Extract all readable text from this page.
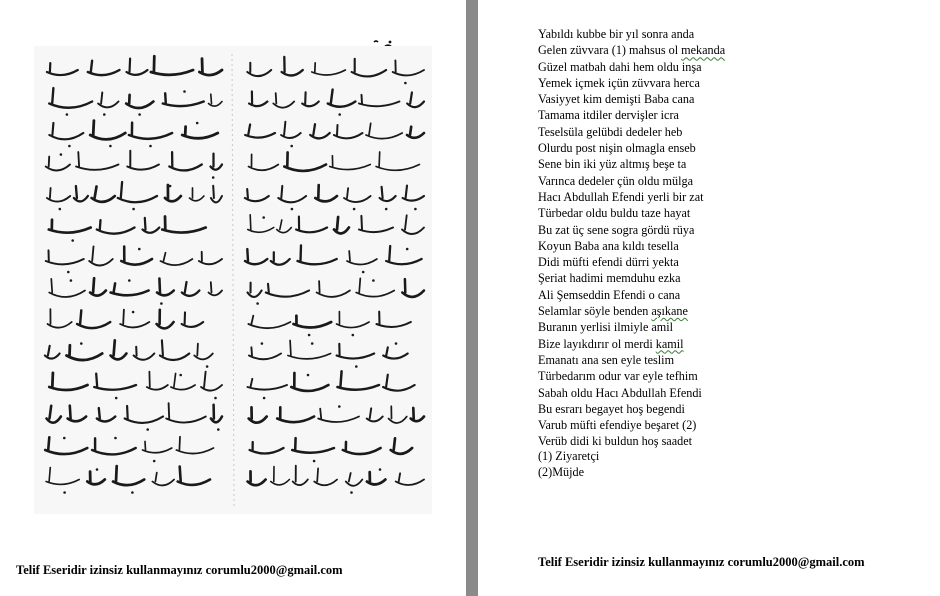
Telif Eseridir izinsiz kullanmayınız corumlu2000@gmail.com
Yabıldı kubbe bir yıl sonra anda
Gelen züvvara (1) mahsus ol mekanda
Güzel matbah dahi hem oldu inşa
Yemek içmek içün züvvara herca
Vasiyyet kim demişti Baba cana
Tamama itdiler dervişler icra
Teselsüla gelübdi dedeler heb
Olurdu post nişin olmagla enseb
Sene bin iki yüz altmış beşe ta
Varınca dedeler çün oldu mülga
Hacı Abdullah Efendi yerli bir zat
Türbedar oldu buldu taze hayat
Bu zat üç sene sogra gördü rüya
Koyun Baba ana kıldı tesella
Didi müfti efendi dürri yekta
Şeriat hadimi memduhu ezka
Ali Şemseddin Efendi o cana
Selamlar söyle benden aşıkane
Buranın yerlisi ilmiyle amil
Bize layıkdırır ol merdi kamil
Emanatı ana sen eyle teslim
Türbedarım odur var eyle tefhim
Sabah oldu Hacı Abdullah Efendi
Bu esrarı begayet hoş begendi
Varub müfti efendiye beşaret (2)
Verüb didi ki buldun hoş saadet
(1) Ziyaretçi
(2)Müjde
Telif Eseridir izinsiz kullanmayınız corumlu2000@gmail.com
